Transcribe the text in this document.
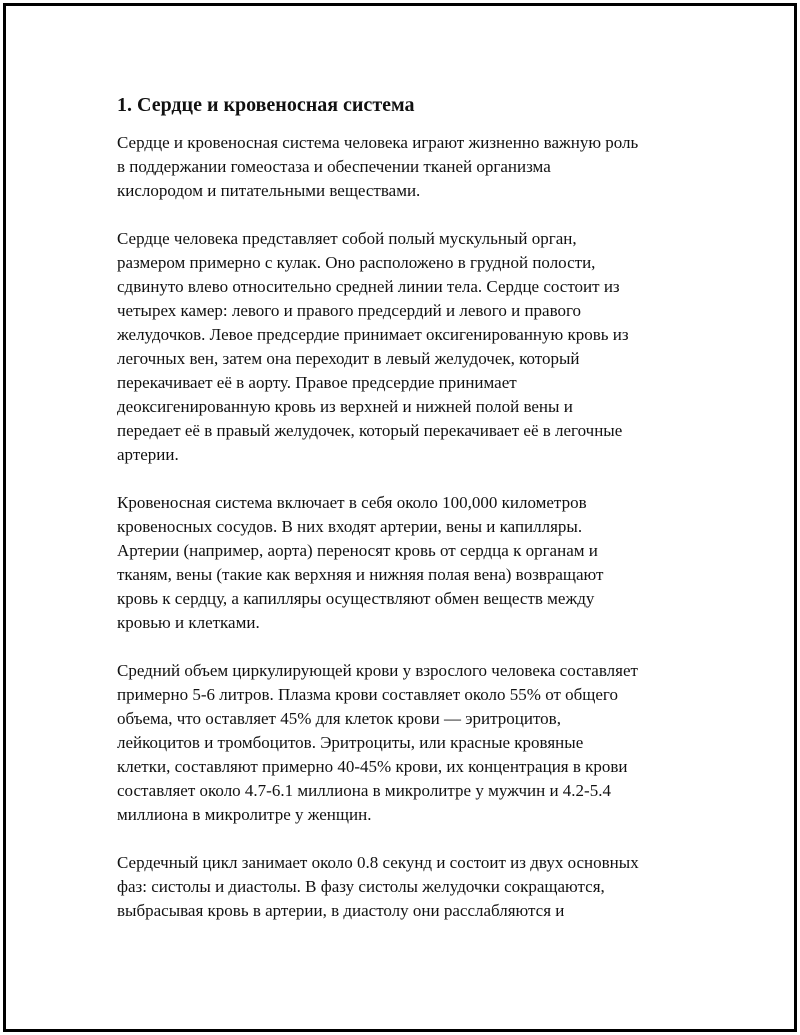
1. Сердце и кровеносная система
Сердце и кровеносная система человека играют жизненно важную роль
в поддержании гомеостаза и обеспечении тканей организма
кислородом и питательными веществами.
Сердце человека представляет собой полый мускульный орган,
размером примерно с кулак. Оно расположено в грудной полости,
сдвинуто влево относительно средней линии тела. Сердце состоит из
четырех камер: левого и правого предсердий и левого и правого
желудочков. Левое предсердие принимает оксигенированную кровь из
легочных вен, затем она переходит в левый желудочек, который
перекачивает её в аорту. Правое предсердие принимает
деоксигенированную кровь из верхней и нижней полой вены и
передает её в правый желудочек, который перекачивает её в легочные
артерии.
Кровеносная система включает в себя около 100,000 километров
кровеносных сосудов. В них входят артерии, вены и капилляры.
Артерии (например, аорта) переносят кровь от сердца к органам и
тканям, вены (такие как верхняя и нижняя полая вена) возвращают
кровь к сердцу, а капилляры осуществляют обмен веществ между
кровью и клетками.
Средний объем циркулирующей крови у взрослого человека составляет
примерно 5-6 литров. Плазма крови составляет около 55% от общего
объема, что оставляет 45% для клеток крови — эритроцитов,
лейкоцитов и тромбоцитов. Эритроциты, или красные кровяные
клетки, составляют примерно 40-45% крови, их концентрация в крови
составляет около 4.7-6.1 миллиона в микролитре у мужчин и 4.2-5.4
миллиона в микролитре у женщин.
Сердечный цикл занимает около 0.8 секунд и состоит из двух основных
фаз: систолы и диастолы. В фазу систолы желудочки сокращаются,
выбрасывая кровь в артерии, в диастолу они расслабляются и
